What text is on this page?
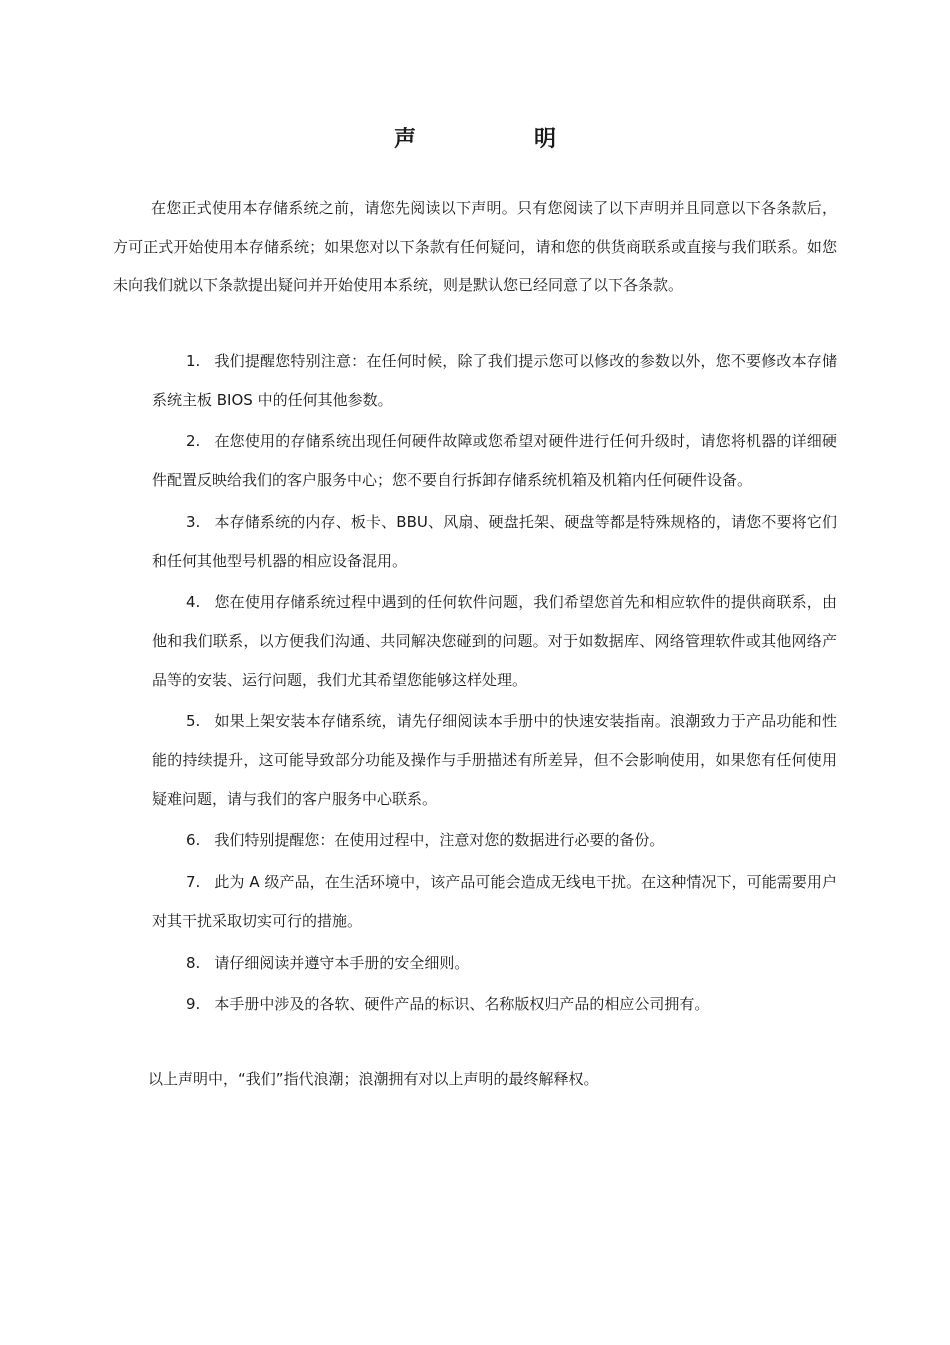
声　明

在您正式使用本存储系统之前，请您先阅读以下声明。只有您阅读了以下声明并且同意以下各条款后，方可正式开始使用本存储系统；如果您对以下条款有任何疑问，请和您的供货商联系或直接与我们联系。如您未向我们就以下条款提出疑问并开始使用本系统，则是默认您已经同意了以下各条款。

1. 我们提醒您特别注意：在任何时候，除了我们提示您可以修改的参数以外，您不要修改本存储系统主板 BIOS 中的任何其他参数。

2. 在您使用的存储系统出现任何硬件故障或您希望对硬件进行任何升级时，请您将机器的详细硬件配置反映给我们的客户服务中心；您不要自行拆卸存储系统机箱及机箱内任何硬件设备。

3. 本存储系统的内存、板卡、BBU、风扇、硬盘托架、硬盘等都是特殊规格的，请您不要将它们和任何其他型号机器的相应设备混用。

4. 您在使用存储系统过程中遇到的任何软件问题，我们希望您首先和相应软件的提供商联系，由他和我们联系，以方便我们沟通、共同解决您碰到的问题。对于如数据库、网络管理软件或其他网络产品等的安装、运行问题，我们尤其希望您能够这样处理。

5. 如果上架安装本存储系统，请先仔细阅读本手册中的快速安装指南。浪潮致力于产品功能和性能的持续提升，这可能导致部分功能及操作与手册描述有所差异，但不会影响使用，如果您有任何使用疑难问题，请与我们的客户服务中心联系。

6. 我们特别提醒您：在使用过程中，注意对您的数据进行必要的备份。

7. 此为 A 级产品，在生活环境中，该产品可能会造成无线电干扰。在这种情况下，可能需要用户对其干扰采取切实可行的措施。

8. 请仔细阅读并遵守本手册的安全细则。

9. 本手册中涉及的各软、硬件产品的标识、名称版权归产品的相应公司拥有。

以上声明中，“我们”指代浪潮；浪潮拥有对以上声明的最终解释权。
